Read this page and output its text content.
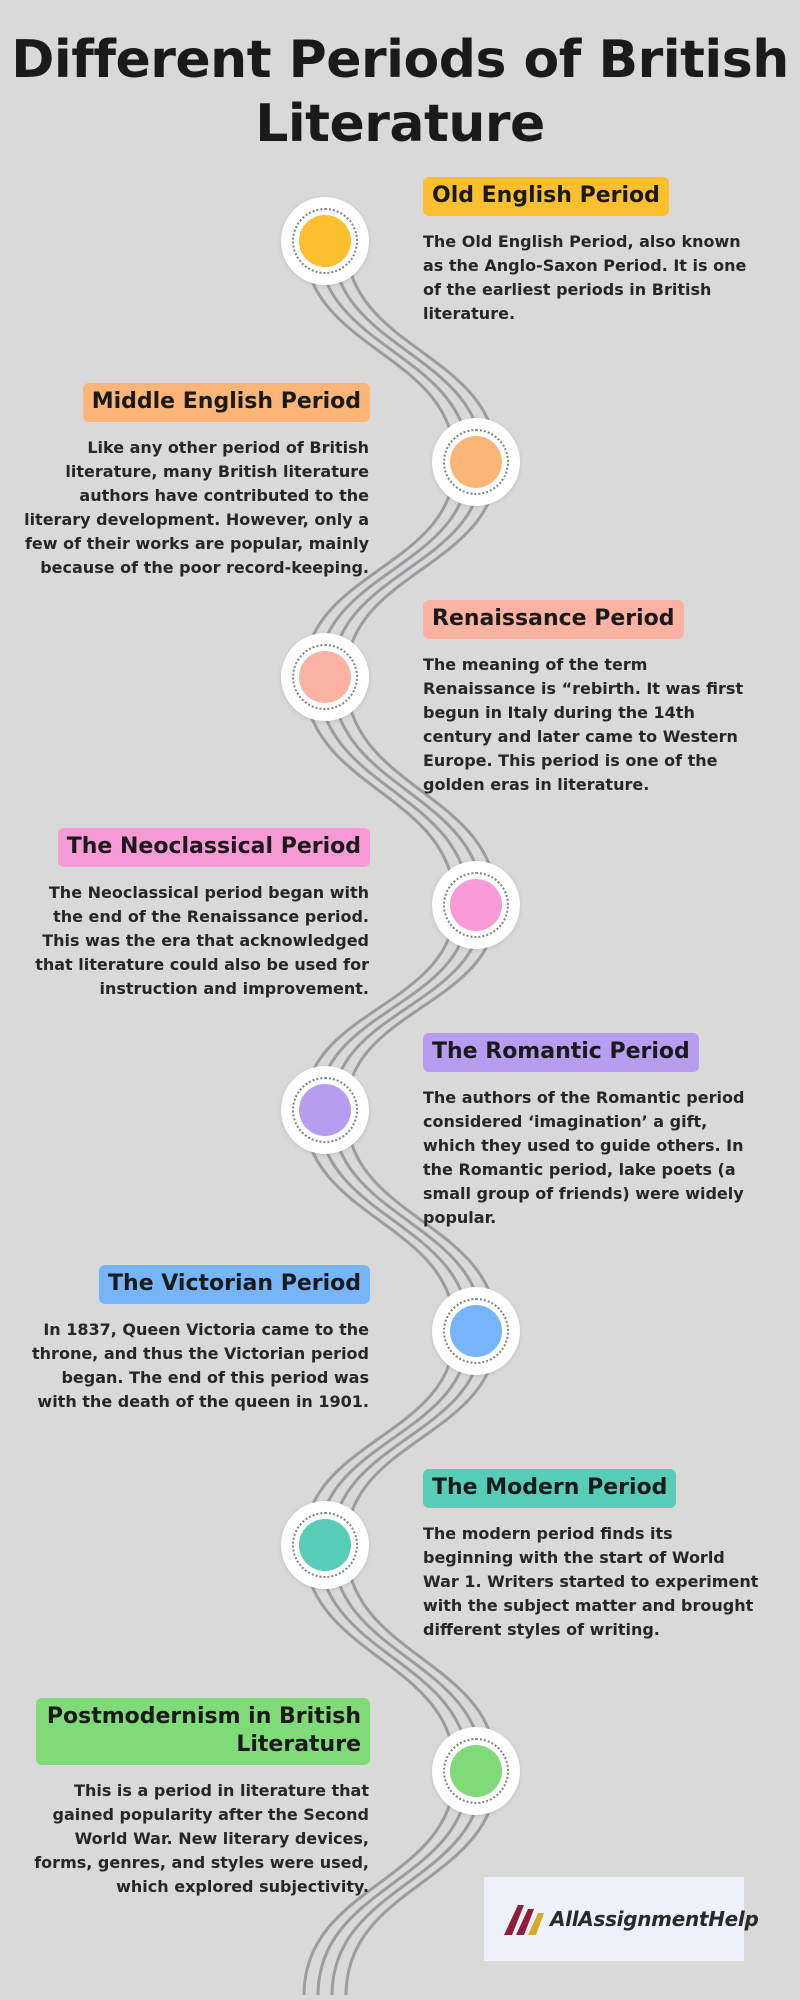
Different Periods of British Literature
Old English Period

The Old English Period, also known as the Anglo-Saxon Period. It is one of the earliest periods in British literature.

Middle English Period

Like any other period of British literature, many British literature authors have contributed to the literary development. However, only a few of their works are popular, mainly because of the poor record-keeping.

Renaissance Period

The meaning of the term Renaissance is “rebirth. It was first begun in Italy during the 14th century and later came to Western Europe. This period is one of the golden eras in literature.

The Neoclassical Period

The Neoclassical period began with the end of the Renaissance period. This was the era that acknowledged that literature could also be used for instruction and improvement.

The Romantic Period

The authors of the Romantic period considered ‘imagination’ a gift, which they used to guide others. In the Romantic period, lake poets (a small group of friends) were widely popular.

The Victorian Period

In 1837, Queen Victoria came to the throne, and thus the Victorian period began. The end of this period was with the death of the queen in 1901.

The Modern Period

The modern period finds its beginning with the start of World War 1. Writers started to experiment with the subject matter and brought different styles of writing.

Postmodernism in British Literature

This is a period in literature that gained popularity after the Second World War. New literary devices, forms, genres, and styles were used, which explored subjectivity.

AllAssignmentHelp
